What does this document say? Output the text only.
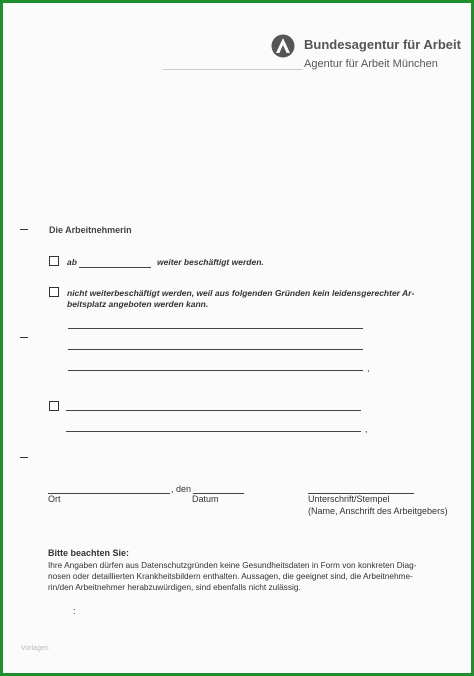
Bundesagentur für Arbeit
Agentur für Arbeit München
Die Arbeitnehmerin
ab	weiter beschäftigt werden.
nicht weiterbeschäftigt werden, weil aus folgenden Gründen kein leidensgerechter Ar-
beitsplatz angeboten werden kann.
,
,
, den
Ort	Datum	Unterschrift/Stempel
(Name, Anschrift des Arbeitgebers)
Bitte beachten Sie:
Ihre Angaben dürfen aus Datenschutzgründen keine Gesundheitsdaten in Form von konkreten Diag-
nosen oder detaillierten Krankheitsbildern enthalten. Aussagen, die geeignet sind, die Arbeitnehme-
rin/den Arbeitnehmer herabzuwürdigen, sind ebenfalls nicht zulässig.
:
Vorlagen
